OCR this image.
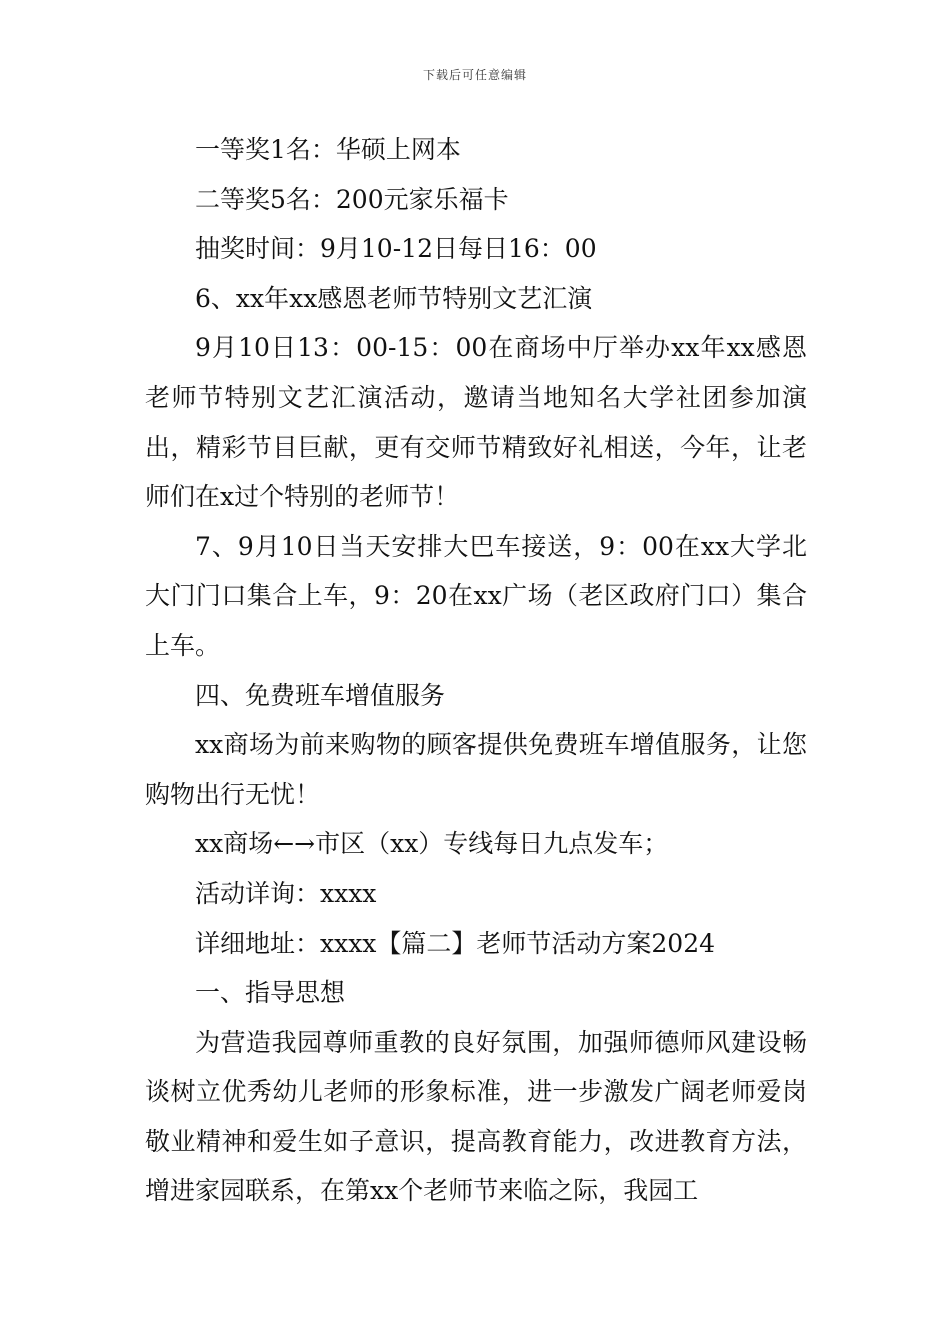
下载后可任意编辑

一等奖1名：华硕上网本

二等奖5名：200元家乐福卡

抽奖时间：9月10-12日每日16：00

6、xx年xx感恩老师节特别文艺汇演

9月10日13：00-15：00在商场中厅举办xx年xx感恩老师节特别文艺汇演活动，邀请当地知名大学社团参加演出，精彩节目巨献，更有交师节精致好礼相送，今年，让老师们在x过个特别的老师节！

7、9月10日当天安排大巴车接送，9：00在xx大学北大门门口集合上车，9：20在xx广场（老区政府门口）集合上车。

四、免费班车增值服务

xx商场为前来购物的顾客提供免费班车增值服务，让您购物出行无忧！

xx商场←→市区（xx）专线每日九点发车；

活动详询：xxxx

详细地址：xxxx【篇二】老师节活动方案2024

一、指导思想

为营造我园尊师重教的良好氛围，加强师德师风建设畅谈树立优秀幼儿老师的形象标准，进一步激发广阔老师爱岗敬业精神和爱生如子意识，提高教育能力，改进教育方法，增进家园联系，在第xx个老师节来临之际，我园工
